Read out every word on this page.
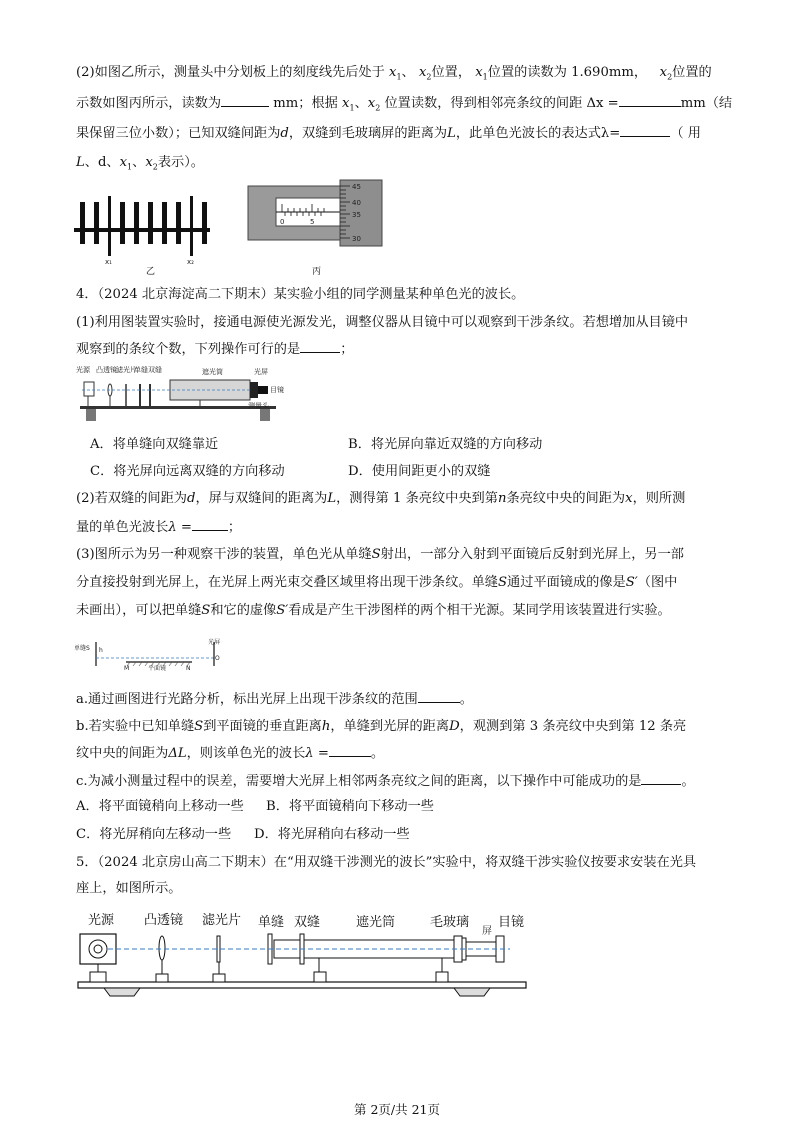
(2)如图乙所示，测量头中分划板上的刻度线先后处于 $x_1$、 $x_2$位置， $x_1$位置的读数为 1.690mm， $x_2$位置的
示数如图丙所示，读数为	mm；根据 $x_1$、$x_2$ 位置读数，得到相邻亮条纹的间距 Δx =	mm（结
果保留三位小数）；已知双缝间距为d，双缝到毛玻璃屏的距离为L，此单色光波长的表达式λ=	（ 用
L、d、$x_1$、$x_2$表示）。
x₁	x₂
乙
0	5
45
40
35
30
丙
4．（2024 北京海淀高二下期末）某实验小组的同学测量某种单色光的波长。
(1)利用图装置实验时，接通电源使光源发光，调整仪器从目镜中可以观察到干涉条纹。若想增加从目镜中
观察到的条纹个数，下列操作可行的是	；
光源 凸透镜 滤光片
单缝 双缝	遮光筒	光屏
目镜
测量头
A．将单缝向双缝靠近	B．将光屏向靠近双缝的方向移动
C．将光屏向远离双缝的方向移动	D．使用间距更小的双缝
(2)若双缝的间距为d，屏与双缝间的距离为L，测得第 1 条亮纹中央到第n条亮纹中央的间距为x，则所测
量的单色光波长λ =	；
(3)图所示为另一种观察干涉的装置，单色光从单缝S射出，一部分入射到平面镜后反射到光屏上，另一部
分直接投射到光屏上，在光屏上两光束交叠区域里将出现干涉条纹。单缝S通过平面镜成的像是S′（图中
未画出），可以把单缝S和它的虚像S′看成是产生干涉图样的两个相干光源。某同学用该装置进行实验。
单缝S h
M	平面镜	N
光屏
O
a.通过画图进行光路分析，标出光屏上出现干涉条纹的范围	。
b.若实验中已知单缝S到平面镜的垂直距离h，单缝到光屏的距离D，观测到第 3 条亮纹中央到第 12 条亮
纹中央的间距为ΔL，则该单色光的波长λ =	。
c.为减小测量过程中的误差，需要增大光屏上相邻两条亮纹之间的距离，以下操作中可能成功的是	。
A．将平面镜稍向上移动一些 B．将平面镜稍向下移动一些
C．将光屏稍向左移动一些 D．将光屏稍向右移动一些
5．（2024 北京房山高二下期末）在“用双缝干涉测光的波长”实验中，将双缝干涉实验仪按要求安装在光具
座上，如图所示。
光源 凸透镜 滤光片 单缝 双缝	遮光筒	毛玻璃
屏
目镜
第 2页/共 21页
